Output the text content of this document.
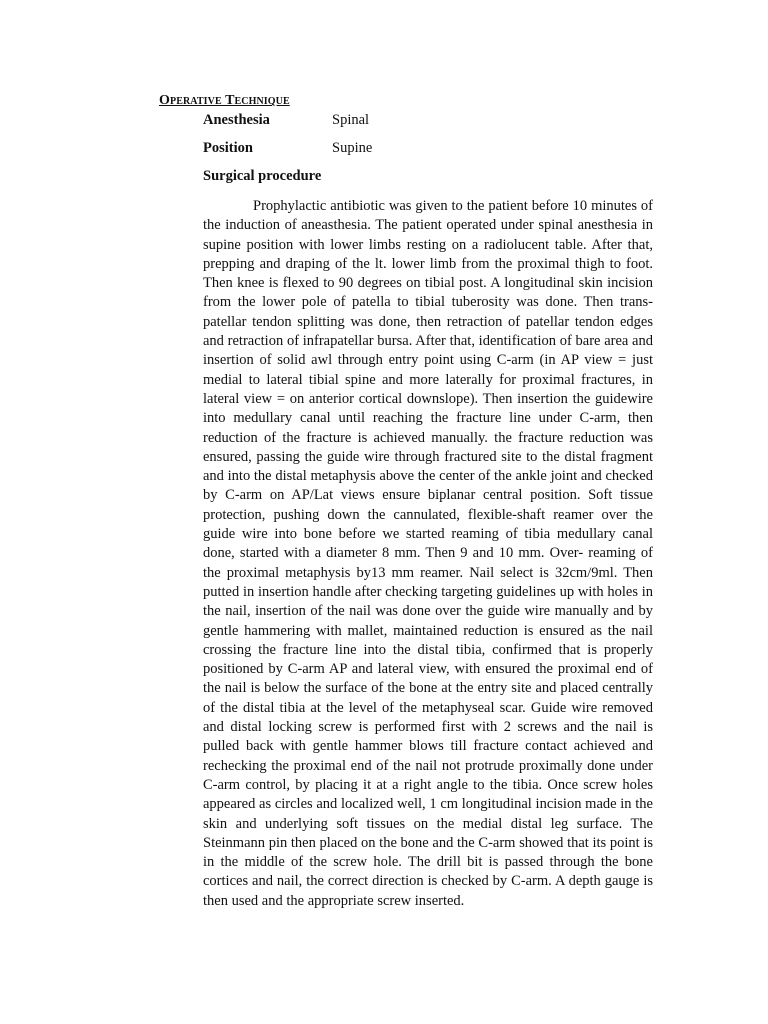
Operative Technique
Anesthesia	Spinal
Position	Supine
Surgical procedure

Prophylactic antibiotic was given to the patient before 10 minutes of the induction of aneasthesia. The patient operated under spinal anesthesia in supine position with lower limbs resting on a radiolucent table. After that, prepping and draping of the lt. lower limb from the proximal thigh to foot. Then knee is flexed to 90 degrees on tibial post. A longitudinal skin incision from the lower pole of patella to tibial tuberosity was done. Then trans-patellar tendon splitting was done, then retraction of patellar tendon edges and retraction of infrapatellar bursa. After that, identification of bare area and insertion of solid awl through entry point using C-arm (in AP view = just medial to lateral tibial spine and more laterally for proximal fractures, in lateral view = on anterior cortical downslope). Then insertion the guidewire into medullary canal until reaching the fracture line under C-arm, then reduction of the fracture is achieved manually. the fracture reduction was ensured, passing the guide wire through fractured site to the distal fragment and into the distal metaphysis above the center of the ankle joint and checked by C-arm on AP/Lat views ensure biplanar central position. Soft tissue protection, pushing down the cannulated, flexible-shaft reamer over the guide wire into bone before we started reaming of tibia medullary canal done, started with a diameter 8 mm. Then 9 and 10 mm. Over- reaming of the proximal metaphysis by13 mm reamer. Nail select is 32cm/9ml. Then putted in insertion handle after checking targeting guidelines up with holes in the nail, insertion of the nail was done over the guide wire manually and by gentle hammering with mallet, maintained reduction is ensured as the nail crossing the fracture line into the distal tibia, confirmed that is properly positioned by C-arm AP and lateral view, with ensured the proximal end of the nail is below the surface of the bone at the entry site and placed centrally of the distal tibia at the level of the metaphyseal scar. Guide wire removed and distal locking screw is performed first with 2 screws and the nail is pulled back with gentle hammer blows till fracture contact achieved and rechecking the proximal end of the nail not protrude proximally done under C-arm control, by placing it at a right angle to the tibia. Once screw holes appeared as circles and localized well, 1 cm longitudinal incision made in the skin and underlying soft tissues on the medial distal leg surface. The Steinmann pin then placed on the bone and the C-arm showed that its point is in the middle of the screw hole. The drill bit is passed through the bone cortices and nail, the correct direction is checked by C-arm. A depth gauge is then used and the appropriate screw inserted.
